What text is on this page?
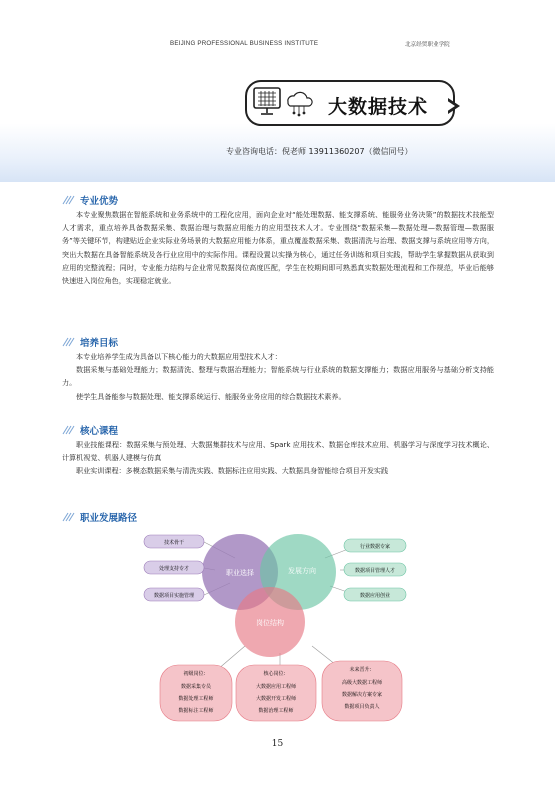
BEIJING PROFESSIONAL BUSINESS INSTITUTE	北京经贸职业学院
大数据技术
专业咨询电话：倪老师 13911360207（微信同号）
专业优势

本专业聚焦数据在智能系统和业务系统中的工程化应用，面向企业对“能处理数据、能支撑系统、能服务业务决策”的数据技术技能型人才需求，重点培养具备数据采集、数据治理与数据应用能力的应用型技术人才。专业围绕“数据采集—数据处理—数据管理—数据服务”等关键环节，构建贴近企业实际业务场景的大数据应用能力体系，重点覆盖数据采集、数据清洗与治理、数据支撑与系统应用等方向，突出大数据在具备智能系统及各行业应用中的实际作用。课程设置以实操为核心，通过任务训练和项目实践，帮助学生掌握数据从获取到应用的完整流程；同时，专业能力结构与企业常见数据岗位高度匹配，学生在校期间即可熟悉真实数据处理流程和工作规范，毕业后能够快速进入岗位角色，实现稳定就业。

培养目标

本专业培养学生成为具备以下核心能力的大数据应用型技术人才：

数据采集与基础处理能力；数据清洗、整理与数据治理能力；智能系统与行业系统的数据支撑能力；数据应用服务与基础分析支持能力。

使学生具备能参与数据处理、能支撑系统运行、能服务业务应用的综合数据技术素养。

核心课程

职业技能课程：数据采集与预处理、大数据集群技术与应用、Spark 应用技术、数据仓库技术应用、机器学习与深度学习技术概论、计算机视觉、机器人建模与仿真

职业实训课程：多模态数据采集与清洗实践、数据标注应用实践、大数据具身智能综合项目开发实践

职业发展路径
职业选择	发展方向
岗位结构
技术骨干
处理支持专才
数据项目实施管理
行业数据专家
数据项目管理人才
数据应用创业
初级岗位：
数据采集专员
数据处理工程师
数据标注工程师
核心岗位：
大数据应用工程师
大数据开发工程师
数据治理工程师
未来晋升：
高级大数据工程师
数据解决方案专家
数据项目负责人
15
